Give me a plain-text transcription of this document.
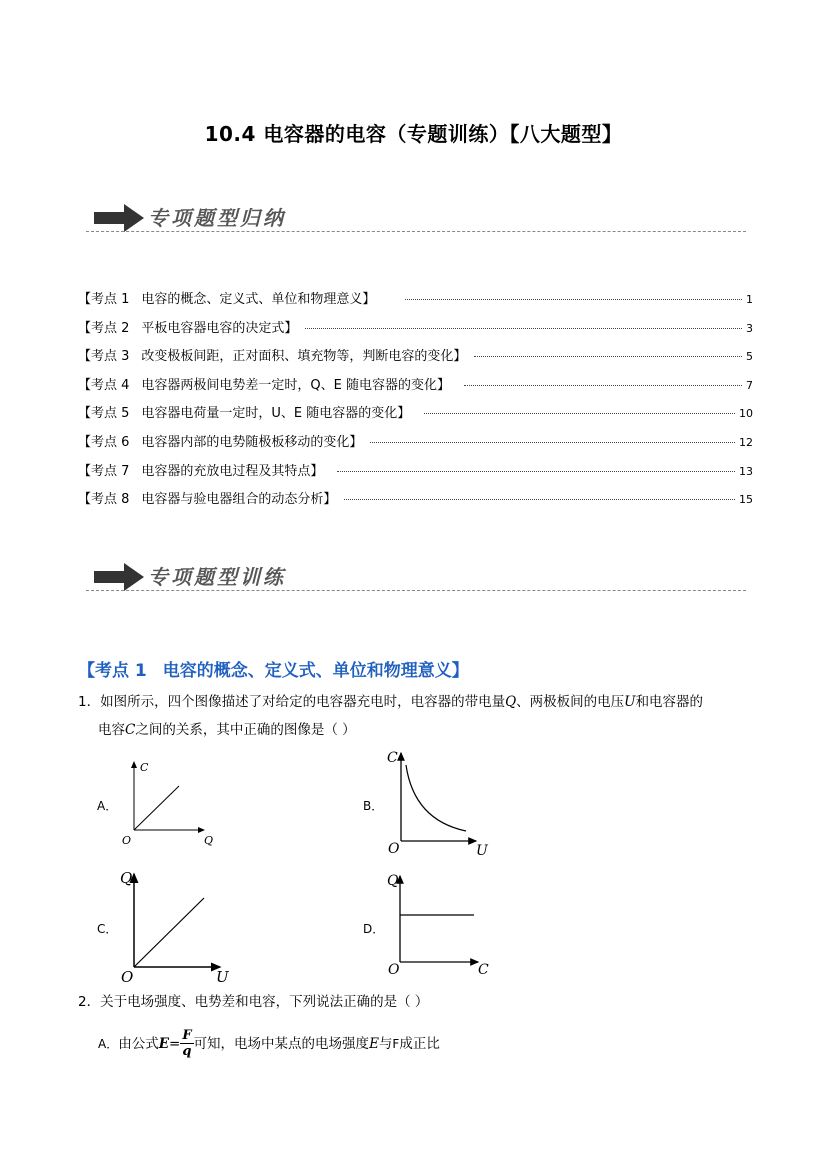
10.4 电容器的电容（专题训练）【八大题型】
专项题型归纳
【考点 1 电容的概念、定义式、单位和物理意义】	1
【考点 2 平板电容器电容的决定式】	3
【考点 3 改变极板间距，正对面积、填充物等，判断电容的变化】	5
【考点 4 电容器两极间电势差一定时，Q、E 随电容器的变化】	7
【考点 5 电容器电荷量一定时，U、E 随电容器的变化】	10
【考点 6 电容器内部的电势随极板移动的变化】	12
【考点 7 电容器的充放电过程及其特点】	13
【考点 8 电容器与验电器组合的动态分析】	15
专项题型训练
【考点 1 电容的概念、定义式、单位和物理意义】
1．如图所示，四个图像描述了对给定的电容器充电时，电容器的带电量Q、两极板间的电压U和电容器的
电容C之间的关系，其中正确的图像是（ ）
A．
C
Q
O
B．
C
U
O
C．
Q
U
O
D．
Q
C
O
2．关于电场强度、电势差和电容，下列说法正确的是（ ）
A． 由公式 $E = \frac{F}{q}$ 可知，电场中某点的电场强度 E 与 F 成正比
